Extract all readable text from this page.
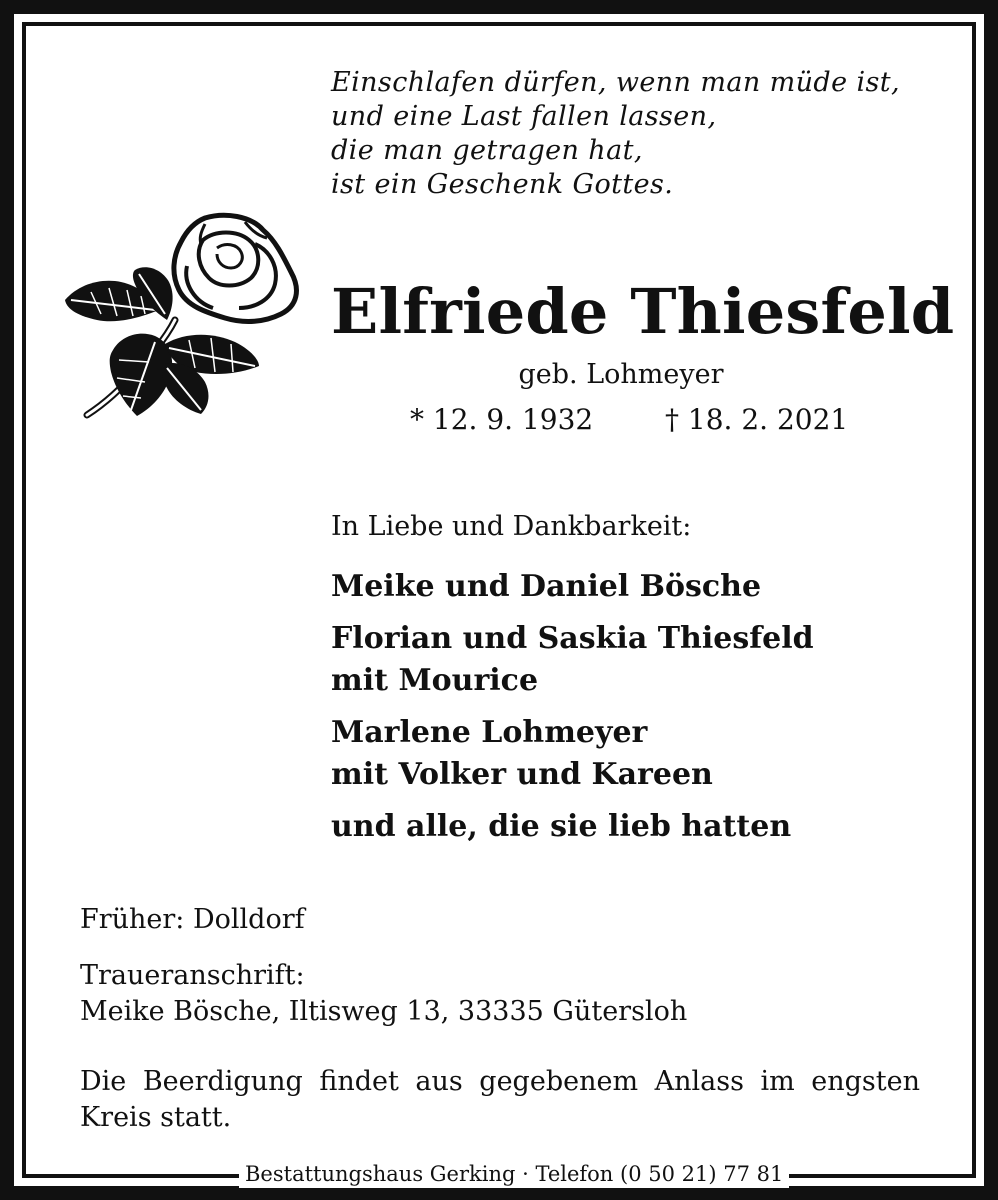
Einschlafen dürfen, wenn man müde ist,
und eine Last fallen lassen,
die man getragen hat,
ist ein Geschenk Gottes.
Elfriede Thiesfeld
geb. Lohmeyer
* 12. 9. 1932	† 18. 2. 2021
In Liebe und Dankbarkeit:
Meike und Daniel Bösche
Florian und Saskia Thiesfeld
mit Mourice
Marlene Lohmeyer
mit Volker und Kareen
und alle, die sie lieb hatten
Früher: Dolldorf
Traueranschrift:
Meike Bösche, Iltisweg 13, 33335 Gütersloh
Die Beerdigung findet aus gegebenem Anlass im engsten Kreis statt.
Bestattungshaus Gerking · Telefon (0 50 21) 77 81
